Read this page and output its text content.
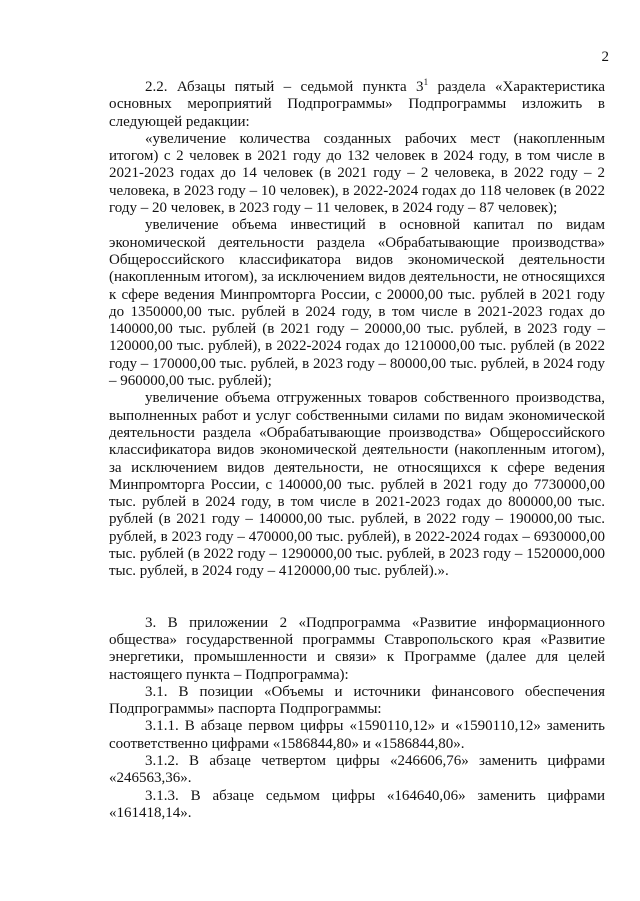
2

2.2. Абзацы пятый – седьмой пункта $3^1$ раздела «Характеристика основных мероприятий Подпрограммы» Подпрограммы изложить в следующей редакции:

«увеличение количества созданных рабочих мест (накопленным итогом) с 2 человек в 2021 году до 132 человек в 2024 году, в том числе в 2021-2023 годах до 14 человек (в 2021 году – 2 человека, в 2022 году – 2 человека, в 2023 году – 10 человек), в 2022-2024 годах до 118 человек (в 2022 году – 20 человек, в 2023 году – 11 человек, в 2024 году – 87 человек);

увеличение объема инвестиций в основной капитал по видам экономической деятельности раздела «Обрабатывающие производства» Общероссийского классификатора видов экономической деятельности (накопленным итогом), за исключением видов деятельности, не относящихся к сфере ведения Минпромторга России, с 20000,00 тыс. рублей в 2021 году до 1350000,00 тыс. рублей в 2024 году, в том числе в 2021-2023 годах до 140000,00 тыс. рублей (в 2021 году – 20000,00 тыс. рублей, в 2023 году – 120000,00 тыс. рублей), в 2022-2024 годах до 1210000,00 тыс. рублей (в 2022 году – 170000,00 тыс. рублей, в 2023 году – 80000,00 тыс. рублей, в 2024 году – 960000,00 тыс. рублей);

увеличение объема отгруженных товаров собственного производства, выполненных работ и услуг собственными силами по видам экономической деятельности раздела «Обрабатывающие производства» Общероссийского классификатора видов экономической деятельности (накопленным итогом), за исключением видов деятельности, не относящихся к сфере ведения Минпромторга России, с 140000,00 тыс. рублей в 2021 году до 7730000,00 тыс. рублей в 2024 году, в том числе в 2021-2023 годах до 800000,00 тыс. рублей (в 2021 году – 140000,00 тыс. рублей, в 2022 году – 190000,00 тыс. рублей, в 2023 году – 470000,00 тыс. рублей), в 2022-2024 годах – 6930000,00 тыс. рублей (в 2022 году – 1290000,00 тыс. рублей, в 2023 году – 1520000,000 тыс. рублей, в 2024 году – 4120000,00 тыс. рублей).».

3. В приложении 2 «Подпрограмма «Развитие информационного общества» государственной программы Ставропольского края «Развитие энергетики, промышленности и связи» к Программе (далее для целей настоящего пункта – Подпрограмма):

3.1. В позиции «Объемы и источники финансового обеспечения Подпрограммы» паспорта Подпрограммы:

3.1.1. В абзаце первом цифры «1590110,12» и «1590110,12» заменить соответственно цифрами «1586844,80» и «1586844,80».

3.1.2. В абзаце четвертом цифры «246606,76» заменить цифрами «246563,36».

3.1.3. В абзаце седьмом цифры «164640,06» заменить цифрами «161418,14».
